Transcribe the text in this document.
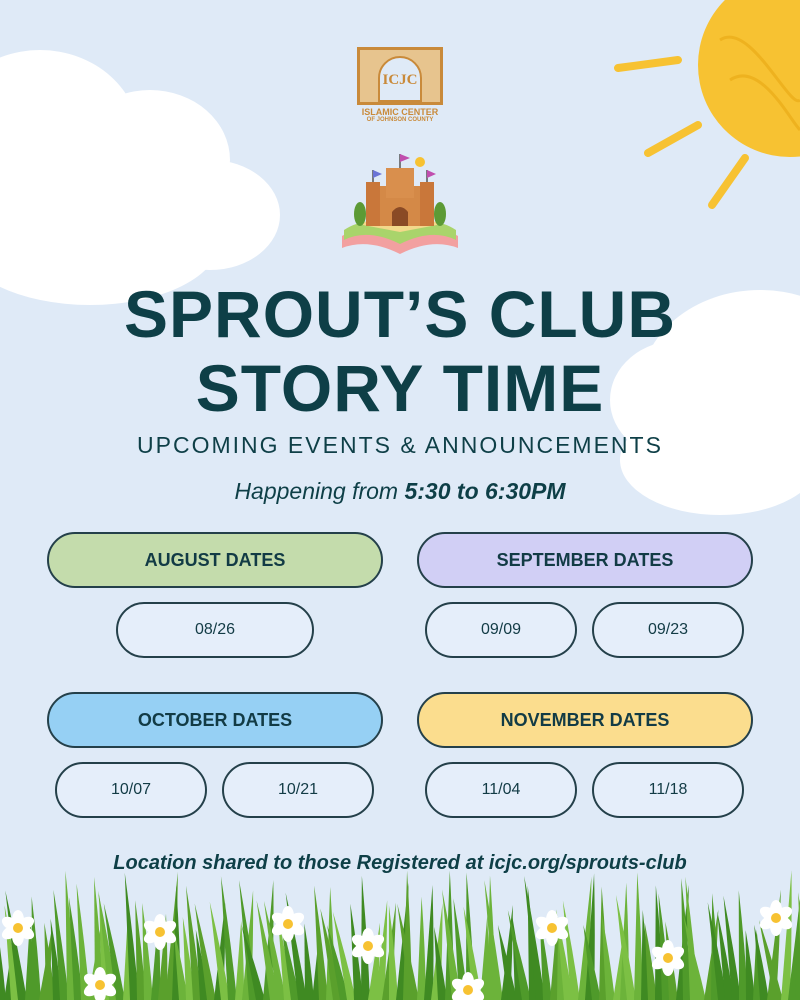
ICJC
ISLAMIC CENTER
OF JOHNSON COUNTY
SPROUT’S CLUB
STORY TIME
UPCOMING EVENTS & ANNOUNCEMENTS
Happening from 5:30 to 6:30PM
AUGUST DATES	SEPTEMBER DATES
OCTOBER DATES	NOVEMBER DATES
08/26	09/09	09/23
10/07	10/21	11/04	11/18
Location shared to those Registered at icjc.org/sprouts-club
